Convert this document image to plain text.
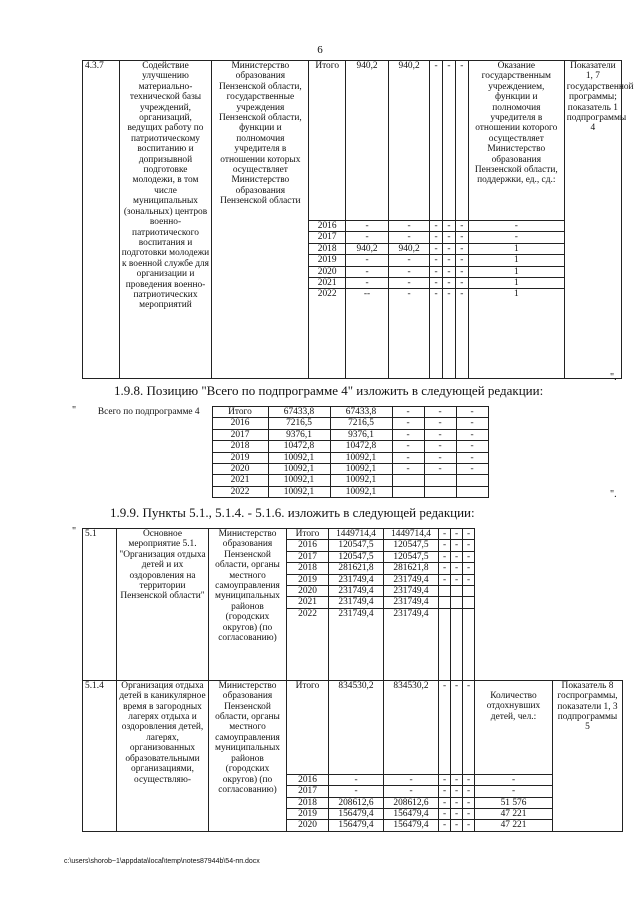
6
4.3.7	Содействие улучшению материально-технической базы учреждений, организаций, ведущих работу по патриотическому воспитанию и допризывной подготовке молодежи, в том числе муниципальных (зональных) центров военно-патриотического воспитания и подготовки молодежи к военной службе для организации и проведения военно-патриотических мероприятий	Министерство образования Пензенской области, государственные учреждения Пензенской области, функции и полномочия учредителя в отношении которых осуществляет Министерство образования Пензенской области	Итого	940,2	940,2	-	-	-	Оказание государственным учреждением, функции и полномочия учредителя в отношении которого осуществляет Министерство образования Пензенской области, поддержки, ед., сд.:	Показатели 1, 7 государственной программы; показатель 1 подпрограммы 4
			2016	-	-	-	-	-	-	
			2017	-	-	-	-	-	-	
			2018	940,2	940,2	-	-	-	1	
			2019	-	-	-	-	-	1	
			2020	-	-	-	-	-	1	
			2021	-	-	-	-	-	1	
			2022	--	-	-	-	-	1	
".
1.9.8. Позицию "Всего по подпрограмме 4" изложить в следующей редакции:
" Всего по подпрограмме 4	Итого	67433,8	67433,8	-	-	-
	2016	7216,5	7216,5	-	-	-
	2017	9376,1	9376,1	-	-	-
	2018	10472,8	10472,8	-	-	-
	2019	10092,1	10092,1	-	-	-
	2020	10092,1	10092,1	-	-	-
	2021	10092,1	10092,1			
	2022	10092,1	10092,1				".
1.9.9. Пункты 5.1., 5.1.4. - 5.1.6. изложить в следующей редакции:
" 5.1	Основное мероприятие 5.1. "Организация отдыха детей и их оздоровления на территории Пензенской области"	Министерство образования Пензенской области, органы местного самоуправления муниципальных районов (городских округов) (по согласованию)	Итого	1449714,4	1449714,4	-	-	-		
			2016	120547,5	120547,5	-	-	-		
			2017	120547,5	120547,5	-	-	-		
			2018	281621,8	281621,8	-	-	-		
			2019	231749,4	231749,4	-	-	-		
			2020	231749,4	231749,4					
			2021	231749,4	231749,4					
			2022	231749,4	231749,4					
5.1.4	Организация отдыха детей в каникулярное время в загородных лагерях отдыха и оздоровления детей, лагерях, организованных образовательными организациями, осуществляю-	Министерство образования Пензенской области, органы местного самоуправления муниципальных районов (городских округов) (по согласованию)	Итого	834530,2	834530,2	-	-	-	Количество отдохнувших детей, чел.:	Показатель 8 госпрограммы, показатели 1, 3 подпрограммы 5
			2016	-	-	-	-	-	-	
			2017	-	-	-	-	-	-	
			2018	208612,6	208612,6	-	-	-	51 576	
			2019	156479,4	156479,4	-	-	-	47 221	
			2020	156479,4	156479,4	-	-	-	47 221	
c:\users\shorob~1\appdata\local\temp\notes87944b\54-пп.docx
